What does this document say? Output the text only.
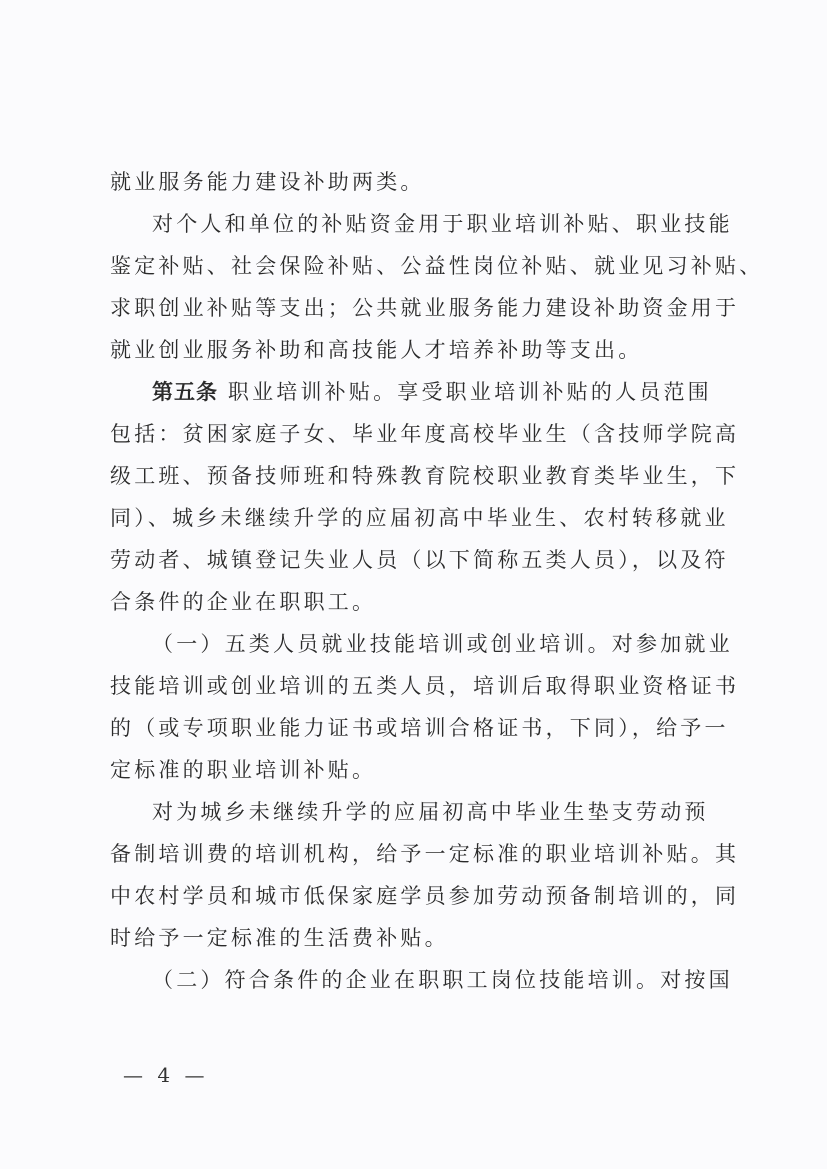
就业服务能力建设补助两类。
对个人和单位的补贴资金用于职业培训补贴、职业技能
鉴定补贴、社会保险补贴、公益性岗位补贴、就业见习补贴、
求职创业补贴等支出；公共就业服务能力建设补助资金用于
就业创业服务补助和高技能人才培养补助等支出。
第五条 职业培训补贴。享受职业培训补贴的人员范围
包括：贫困家庭子女、毕业年度高校毕业生（含技师学院高
级工班、预备技师班和特殊教育院校职业教育类毕业生，下
同）、城乡未继续升学的应届初高中毕业生、农村转移就业
劳动者、城镇登记失业人员（以下简称五类人员），以及符
合条件的企业在职职工。
（一）五类人员就业技能培训或创业培训。对参加就业
技能培训或创业培训的五类人员，培训后取得职业资格证书
的（或专项职业能力证书或培训合格证书，下同），给予一
定标准的职业培训补贴。
对为城乡未继续升学的应届初高中毕业生垫支劳动预
备制培训费的培训机构，给予一定标准的职业培训补贴。其
中农村学员和城市低保家庭学员参加劳动预备制培训的，同
时给予一定标准的生活费补贴。
（二）符合条件的企业在职职工岗位技能培训。对按国
— 4 —
